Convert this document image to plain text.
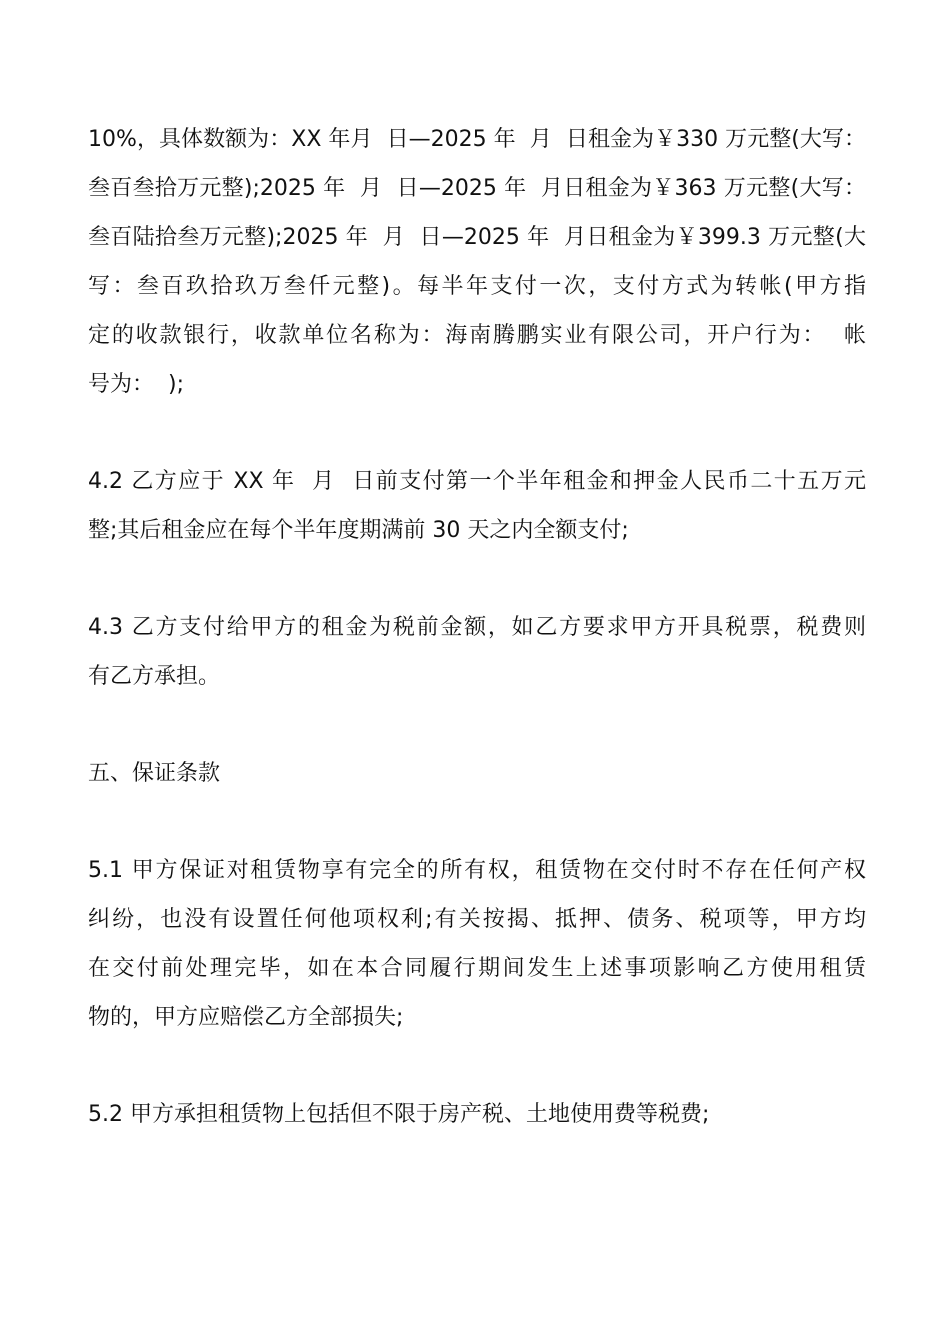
10%，具体数额为：XX 年月  日—2025 年  月  日租金为￥330 万元整(大写：
叁百叁拾万元整);2025 年  月  日—2025 年  月日租金为￥363 万元整(大写：
叁百陆拾叁万元整);2025 年  月  日—2025 年  月日租金为￥399.3 万元整(大
写：叁百玖拾玖万叁仟元整)。每半年支付一次，支付方式为转帐(甲方指
定的收款银行，收款单位名称为：海南腾鹏实业有限公司，开户行为：  帐
号为：  );
4.2 乙方应于 XX 年  月  日前支付第一个半年租金和押金人民币二十五万元
整;其后租金应在每个半年度期满前 30 天之内全额支付;
4.3 乙方支付给甲方的租金为税前金额，如乙方要求甲方开具税票，税费则
有乙方承担。
五、保证条款
5.1 甲方保证对租赁物享有完全的所有权，租赁物在交付时不存在任何产权
纠纷，也没有设置任何他项权利;有关按揭、抵押、债务、税项等，甲方均
在交付前处理完毕，如在本合同履行期间发生上述事项影响乙方使用租赁
物的，甲方应赔偿乙方全部损失;
5.2 甲方承担租赁物上包括但不限于房产税、土地使用费等税费;
